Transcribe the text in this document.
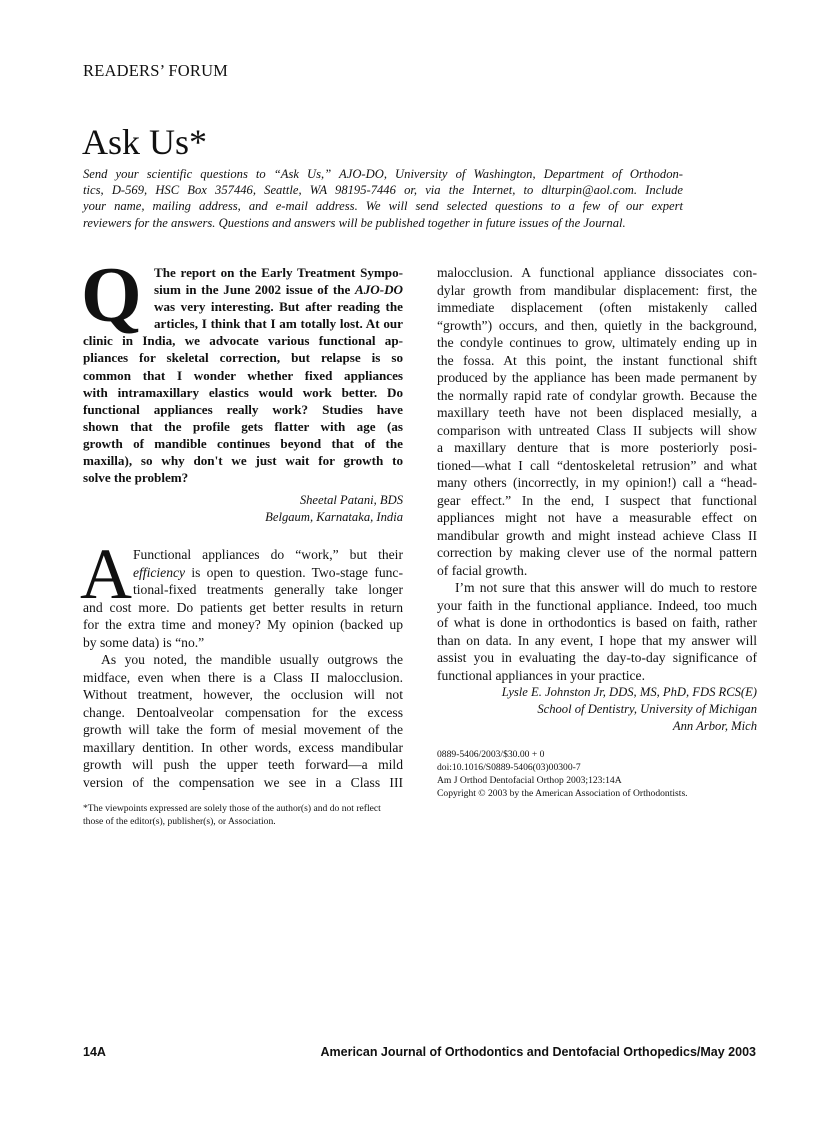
READERS’ FORUM
Ask Us*
Send your scientific questions to “Ask Us,” AJO-DO, University of Washington, Department of Orthodon-
tics, D-569, HSC Box 357446, Seattle, WA 98195-7446 or, via the Internet, to dlturpin@aol.com. Include
your name, mailing address, and e-mail address. We will send selected questions to a few of our expert
reviewers for the answers. Questions and answers will be published together in future issues of the Journal.
Q The report on the Early Treatment Sympo-
sium in the June 2002 issue of the AJO-DO
was very interesting. But after reading the
articles, I think that I am totally lost. At our
clinic in India, we advocate various functional ap-
pliances for skeletal correction, but relapse is so
common that I wonder whether fixed appliances
with intramaxillary elastics would work better. Do
functional appliances really work? Studies have
shown that the profile gets flatter with age (as
growth of mandible continues beyond that of the
maxilla), so why don't we just wait for growth to
solve the problem?
Sheetal Patani, BDS
Belgaum, Karnataka, India
A Functional appliances do “work,” but their
efficiency is open to question. Two-stage func-
tional-fixed treatments generally take longer
and cost more. Do patients get better results in return
for the extra time and money? My opinion (backed up
by some data) is “no.”
As you noted, the mandible usually outgrows the
midface, even when there is a Class II malocclusion.
Without treatment, however, the occlusion will not
change. Dentoalveolar compensation for the excess
growth will take the form of mesial movement of the
maxillary dentition. In other words, excess mandibular
growth will push the upper teeth forward—a mild
version of the compensation we see in a Class III
*The viewpoints expressed are solely those of the author(s) and do not reflect
those of the editor(s), publisher(s), or Association.
malocclusion. A functional appliance dissociates con-
dylar growth from mandibular displacement: first, the
immediate displacement (often mistakenly called
“growth”) occurs, and then, quietly in the background,
the condyle continues to grow, ultimately ending up in
the fossa. At this point, the instant functional shift
produced by the appliance has been made permanent by
the normally rapid rate of condylar growth. Because the
maxillary teeth have not been displaced mesially, a
comparison with untreated Class II subjects will show
a maxillary denture that is more posteriorly posi-
tioned—what I call “dentoskeletal retrusion” and what
many others (incorrectly, in my opinion!) call a “head-
gear effect.” In the end, I suspect that functional
appliances might not have a measurable effect on
mandibular growth and might instead achieve Class II
correction by making clever use of the normal pattern
of facial growth.
I’m not sure that this answer will do much to restore
your faith in the functional appliance. Indeed, too much
of what is done in orthodontics is based on faith, rather
than on data. In any event, I hope that my answer will
assist you in evaluating the day-to-day significance of
functional appliances in your practice.
Lysle E. Johnston Jr, DDS, MS, PhD, FDS RCS(E)
School of Dentistry, University of Michigan
Ann Arbor, Mich
0889-5406/2003/$30.00 + 0
doi:10.1016/S0889-5406(03)00300-7
Am J Orthod Dentofacial Orthop 2003;123:14A
Copyright © 2003 by the American Association of Orthodontists.
14A	American Journal of Orthodontics and Dentofacial Orthopedics/May 2003
